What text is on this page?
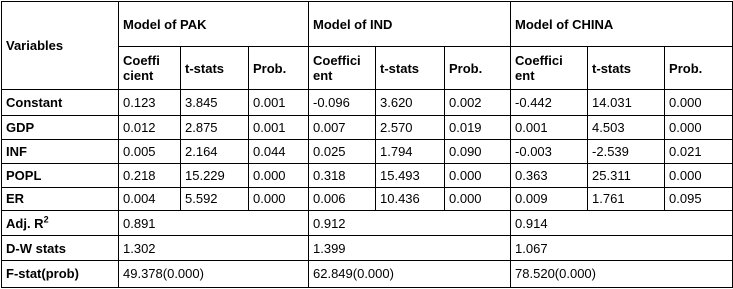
Variables	Model of PAK			Model of IND			Model of CHINA		
	Coeffi cient	t-stats	Prob.	Coeffici ent	t-stats	Prob.	Coeffici ent	t-stats	Prob.
Constant	0.123	3.845	0.001	-0.096	3.620	0.002	-0.442	14.031	0.000
GDP	0.012	2.875	0.001	0.007	2.570	0.019	0.001	4.503	0.000
INF	0.005	2.164	0.044	0.025	1.794	0.090	-0.003	-2.539	0.021
POPL	0.218	15.229	0.000	0.318	15.493	0.000	0.363	25.311	0.000
ER	0.004	5.592	0.000	0.006	10.436	0.000	0.009	1.761	0.095
Adj. $R^2$	0.891			0.912			0.914		
D-W stats	1.302			1.399			1.067		
F-stat(prob)	49.378(0.000)			62.849(0.000)			78.520(0.000)		
